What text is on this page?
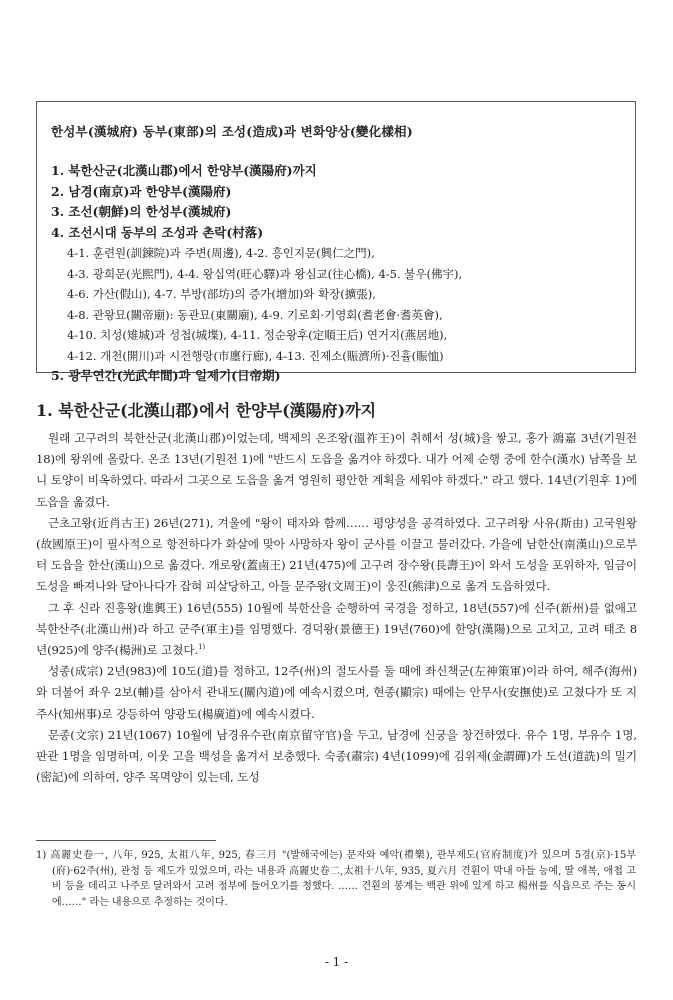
한성부(漢城府) 동부(東部)의 조성(造成)과 변화양상(變化樣相)
1. 북한산군(北漢山郡)에서 한양부(漢陽府)까지
2. 남경(南京)과 한양부(漢陽府)
3. 조선(朝鮮)의 한성부(漢城府)
4. 조선시대 동부의 조성과 촌락(村落)
4-1. 훈련원(訓鍊院)과 주변(周邊), 4-2. 흥인지문(興仁之門),
4-3. 광희문(光熙門), 4-4. 왕십역(旺心驛)과 왕심교(往心橋), 4-5. 불우(佛宇),
4-6. 가산(假山), 4-7. 부방(部坊)의 증가(增加)와 확장(擴張),
4-8. 관왕묘(關帝廟): 동관묘(東關廟), 4-9. 기로회·기영회(耆老會·耆英會),
4-10. 치성(雉城)과 성첩(城堞), 4-11. 정순왕후(定順王后) 연거지(燕居地),
4-12. 개천(開川)과 시전행랑(市廛行廊), 4-13. 진제소(賑濟所)·진휼(賑恤)
5. 광무연간(光武年間)과 일제기(日帝期)
1. 북한산군(北漢山郡)에서 한양부(漢陽府)까지

원래 고구려의 북한산군(北漢山郡)이었는데, 백제의 온조왕(溫祚王)이 취해서 성(城)을 쌓고, 홍가 鴻嘉 3년(기원전 18)에 왕위에 올랐다. 온조 13년(기원전 1)에 "반드시 도읍을 옮겨야 하겠다. 내가 어제 순행 중에 한수(漢水) 남쪽을 보니 토양이 비옥하였다. 따라서 그곳으로 도읍을 옮겨 영원히 평안한 계획을 세워야 하겠다." 라고 했다. 14년(기원후 1)에 도읍을 옮겼다.

근초고왕(近肖古王) 26년(271), 겨울에 "왕이 태자와 함께…… 평양성을 공격하였다. 고구려왕 사유(斯由) 고국원왕(故國原王)이 필사적으로 항전하다가 화살에 맞아 사망하자 왕이 군사를 이끌고 물러갔다. 가을에 남한산(南漢山)으로부터 도읍을 한산(漢山)으로 옮겼다. 개로왕(蓋鹵王) 21년(475)에 고구려 장수왕(長壽王)이 와서 도성을 포위하자, 임금이 도성을 빠져나와 달아나다가 잡혀 피살당하고, 아들 문주왕(文周王)이 웅진(熊津)으로 옮겨 도읍하였다.

그 후 신라 진흥왕(進興王) 16년(555) 10월에 북한산을 순행하여 국경을 정하고, 18년(557)에 신주(新州)를 없애고 북한산주(北漢山州)라 하고 군주(軍主)를 임명했다. 경덕왕(景德王) 19년(760)에 한양(漢陽)으로 고치고, 고려 태조 8년(925)에 양주(楊洲)로 고쳤다.$^{1)}$

성종(成宗) 2년(983)에 10도(道)를 정하고, 12주(州)의 절도사를 둘 때에 좌신책군(左神策軍)이라 하여, 해주(海州)와 더불어 좌우 2보(輔)를 삼아서 관내도(關內道)에 예속시켰으며, 현종(顯宗) 때에는 안무사(安撫使)로 고쳤다가 또 지주사(知州事)로 강등하여 양광도(楊廣道)에 예속시켰다.

문종(文宗) 21년(1067) 10월에 남경유수관(南京留守官)을 두고, 남경에 신궁을 창건하였다. 유수 1명, 부유수 1명, 판관 1명을 임명하며, 이웃 고을 백성을 옮겨서 보충했다. 숙종(肅宗) 4년(1099)에 김위제(金謂磾)가 도선(道詵)의 밀기(密記)에 의하여, 양주 목멱양이 있는데, 도성

1) 高麗史卷一, 八年, 925, 太祖八年, 925, 春三月 "(발해국에는) 문자와 예악(禮樂), 관부제도(官府制度)가 있으며 5경(京)·15부(府)·62주(州), 관청 등 제도가 있었으며, 라는 내용과 高麗史卷二,太祖十八年, 935, 夏六月 견훤이 막내 아들 능예, 딸 애복, 애첩 고비 등을 데리고 나주로 달려와서 고려 정부에 들어오기를 청했다. …… 견훤의 봉계는 백관 위에 있게 하고 楊州를 식읍으로 주는 동시에……" 라는 내용으로 추정하는 것이다.
- 1 -
